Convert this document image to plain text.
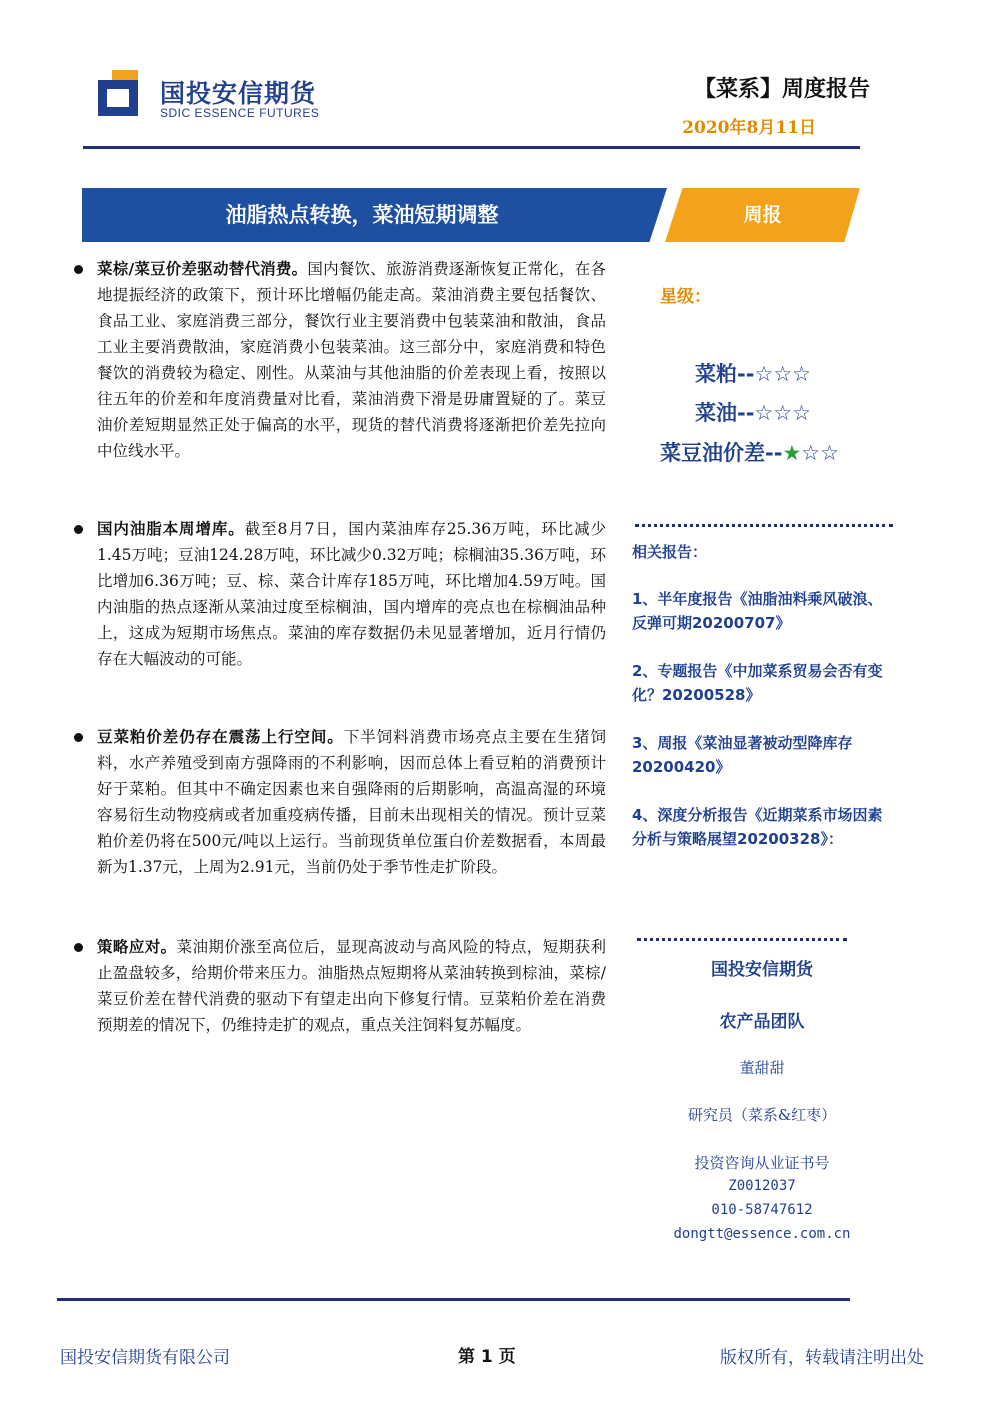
国投安信期货
SDIC ESSENCE FUTURES
【菜系】周度报告
2020年8月11日
油脂热点转换，菜油短期调整	周报

菜棕/菜豆价差驱动替代消费。国内餐饮、旅游消费逐渐恢复正常化，在各地提振经济的政策下，预计环比增幅仍能走高。菜油消费主要包括餐饮、食品工业、家庭消费三部分，餐饮行业主要消费中包装菜油和散油，食品工业主要消费散油，家庭消费小包装菜油。这三部分中，家庭消费和特色餐饮的消费较为稳定、刚性。从菜油与其他油脂的价差表现上看，按照以往五年的价差和年度消费量对比看，菜油消费下滑是毋庸置疑的了。菜豆油价差短期显然正处于偏高的水平，现货的替代消费将逐渐把价差先拉向中位线水平。

国内油脂本周增库。截至8月7日，国内菜油库存25.36万吨，环比减少1.45万吨；豆油124.28万吨，环比减少0.32万吨；棕榈油35.36万吨，环比增加6.36万吨；豆、棕、菜合计库存185万吨，环比增加4.59万吨。国内油脂的热点逐渐从菜油过度至棕榈油，国内增库的亮点也在棕榈油品种上，这成为短期市场焦点。菜油的库存数据仍未见显著增加，近月行情仍存在大幅波动的可能。

豆菜粕价差仍存在震荡上行空间。下半饲料消费市场亮点主要在生猪饲料，水产养殖受到南方强降雨的不利影响，因而总体上看豆粕的消费预计好于菜粕。但其中不确定因素也来自强降雨的后期影响，高温高湿的环境容易衍生动物疫病或者加重疫病传播，目前未出现相关的情况。预计豆菜粕价差仍将在500元/吨以上运行。当前现货单位蛋白价差数据看，本周最新为1.37元，上周为2.91元，当前仍处于季节性走扩阶段。

策略应对。菜油期价涨至高位后，显现高波动与高风险的特点，短期获利止盈盘较多，给期价带来压力。油脂热点短期将从菜油转换到棕油，菜棕/菜豆价差在替代消费的驱动下有望走出向下修复行情。豆菜粕价差在消费预期差的情况下，仍维持走扩的观点，重点关注饲料复苏幅度。

星级：
菜粕--☆☆☆
菜油--☆☆☆
菜豆油价差--★☆☆
相关报告：
1、半年度报告《油脂油料乘风破浪、反弹可期20200707》
2、专题报告《中加菜系贸易会否有变化？20200528》
3、周报《菜油显著被动型降库存20200420》
4、深度分析报告《近期菜系市场因素分析与策略展望20200328》：
国投安信期货
农产品团队
董甜甜
研究员（菜系&红枣）
投资咨询从业证书号
Z0012037
010-58747612
dongtt@essence.com.cn
国投安信期货有限公司	第 1 页	版权所有，转载请注明出处
